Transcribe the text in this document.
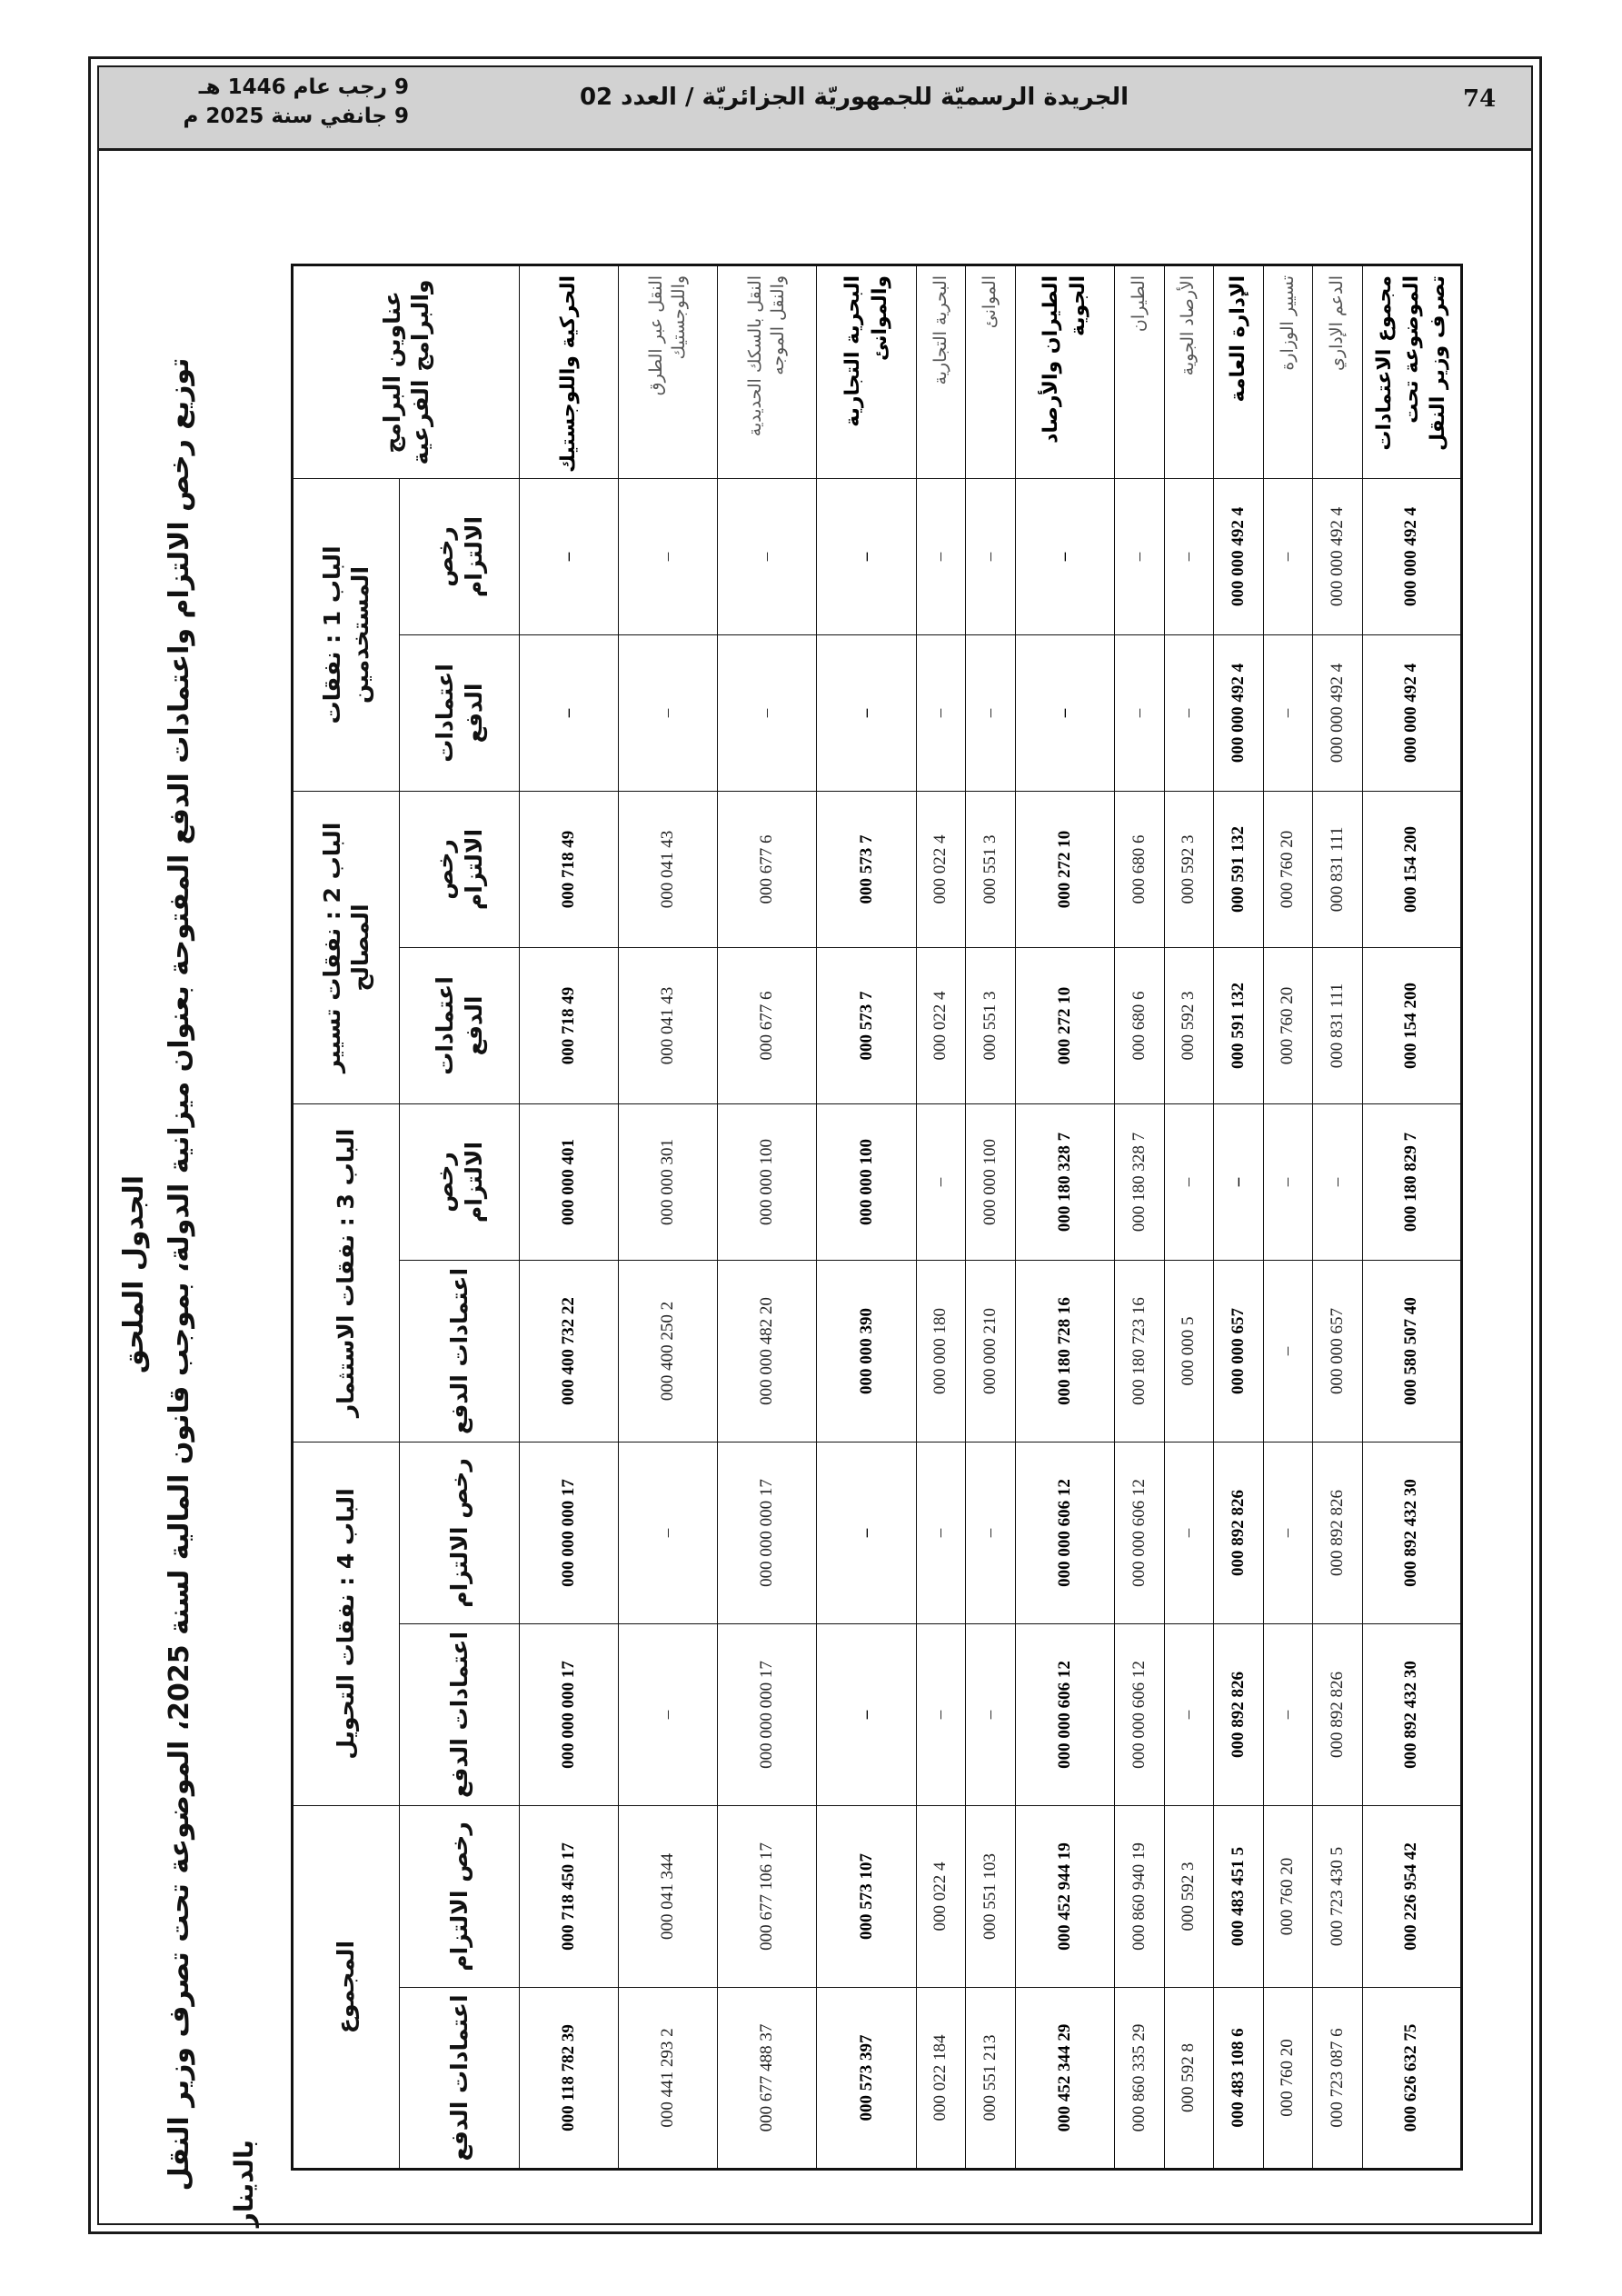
74
الجريدة الرسميّة للجمهوريّة الجزائريّة / العدد 02
9 رجب عام 1446 هـ
9 جانفي سنة 2025 م
الجدول الملحق
توزيع رخص الالتزام واعتمادات الدفع المفتوحة بعنوان ميزانية الدولة، بموجب قانون المالية لسنة 2025، الموضوعة تحت تصرف وزير النقل
بالدينار
عناوين البرامج والبرامج الفرعية	الباب 1 : نفقات المستخدمين		الباب 2 : نفقات تسيير المصالح		الباب 3 : نفقات الاستثمار		الباب 4 : نفقات التحويل		المجموع	
	رخص الالتزام	اعتمادات الدفع	رخص الالتزام	اعتمادات الدفع	رخص الالتزام	اعتمادات الدفع	رخص الالتزام	اعتمادات الدفع	رخص الالتزام	اعتمادات الدفع
الحركية واللوجستيك	–	–	49 718 000	49 718 000	401 000 000	22 732 400 000	17 000 000 000	17 000 000 000	17 450 718 000	39 782 118 000
النقل عبر الطرق واللوجستيك	–	–	43 041 000	43 041 000	301 000 000	2 250 400 000	–	–	344 041 000	2 293 441 000
النقل بالسكك الحديدية والنقل الموجه	–	–	6 677 000	6 677 000	100 000 000	20 482 000 000	17 000 000 000	17 000 000 000	17 106 677 000	37 488 677 000
البحرية التجارية والموانئ	–	–	7 573 000	7 573 000	100 000 000	390 000 000	–	–	107 573 000	397 573 000
البحرية التجارية	–	–	4 022 000	4 022 000	–	180 000 000	–	–	4 022 000	184 022 000
الموانئ	–	–	3 551 000	3 551 000	100 000 000	210 000 000	–	–	103 551 000	213 551 000
الطيران والأرصاد الجوية	–	–	10 272 000	10 272 000	7 328 180 000	16 728 180 000	12 606 000 000	12 606 000 000	19 944 452 000	29 344 452 000
الطيران	–	–	6 680 000	6 680 000	7 328 180 000	16 723 180 000	12 606 000 000	12 606 000 000	19 940 860 000	29 335 860 000
الأرصاد الجوية	–	–	3 592 000	3 592 000	–	5 000 000	–	–	3 592 000	8 592 000
الإدارة العامة	4 492 000 000	4 492 000 000	132 591 000	132 591 000	–	657 000 000	826 892 000	826 892 000	5 451 483 000	6 108 483 000
تسيير الوزارة	–	–	20 760 000	20 760 000	–	–	–	–	20 760 000	20 760 000
الدعم الإداري	4 492 000 000	4 492 000 000	111 831 000	111 831 000	–	657 000 000	826 892 000	826 892 000	5 430 723 000	6 087 723 000
مجموع الاعتمادات الموضوعة تحت تصرف وزير النقل	4 492 000 000	4 492 000 000	200 154 000	200 154 000	7 829 180 000	40 507 580 000	30 432 892 000	30 432 892 000	42 954 226 000	75 632 626 000
